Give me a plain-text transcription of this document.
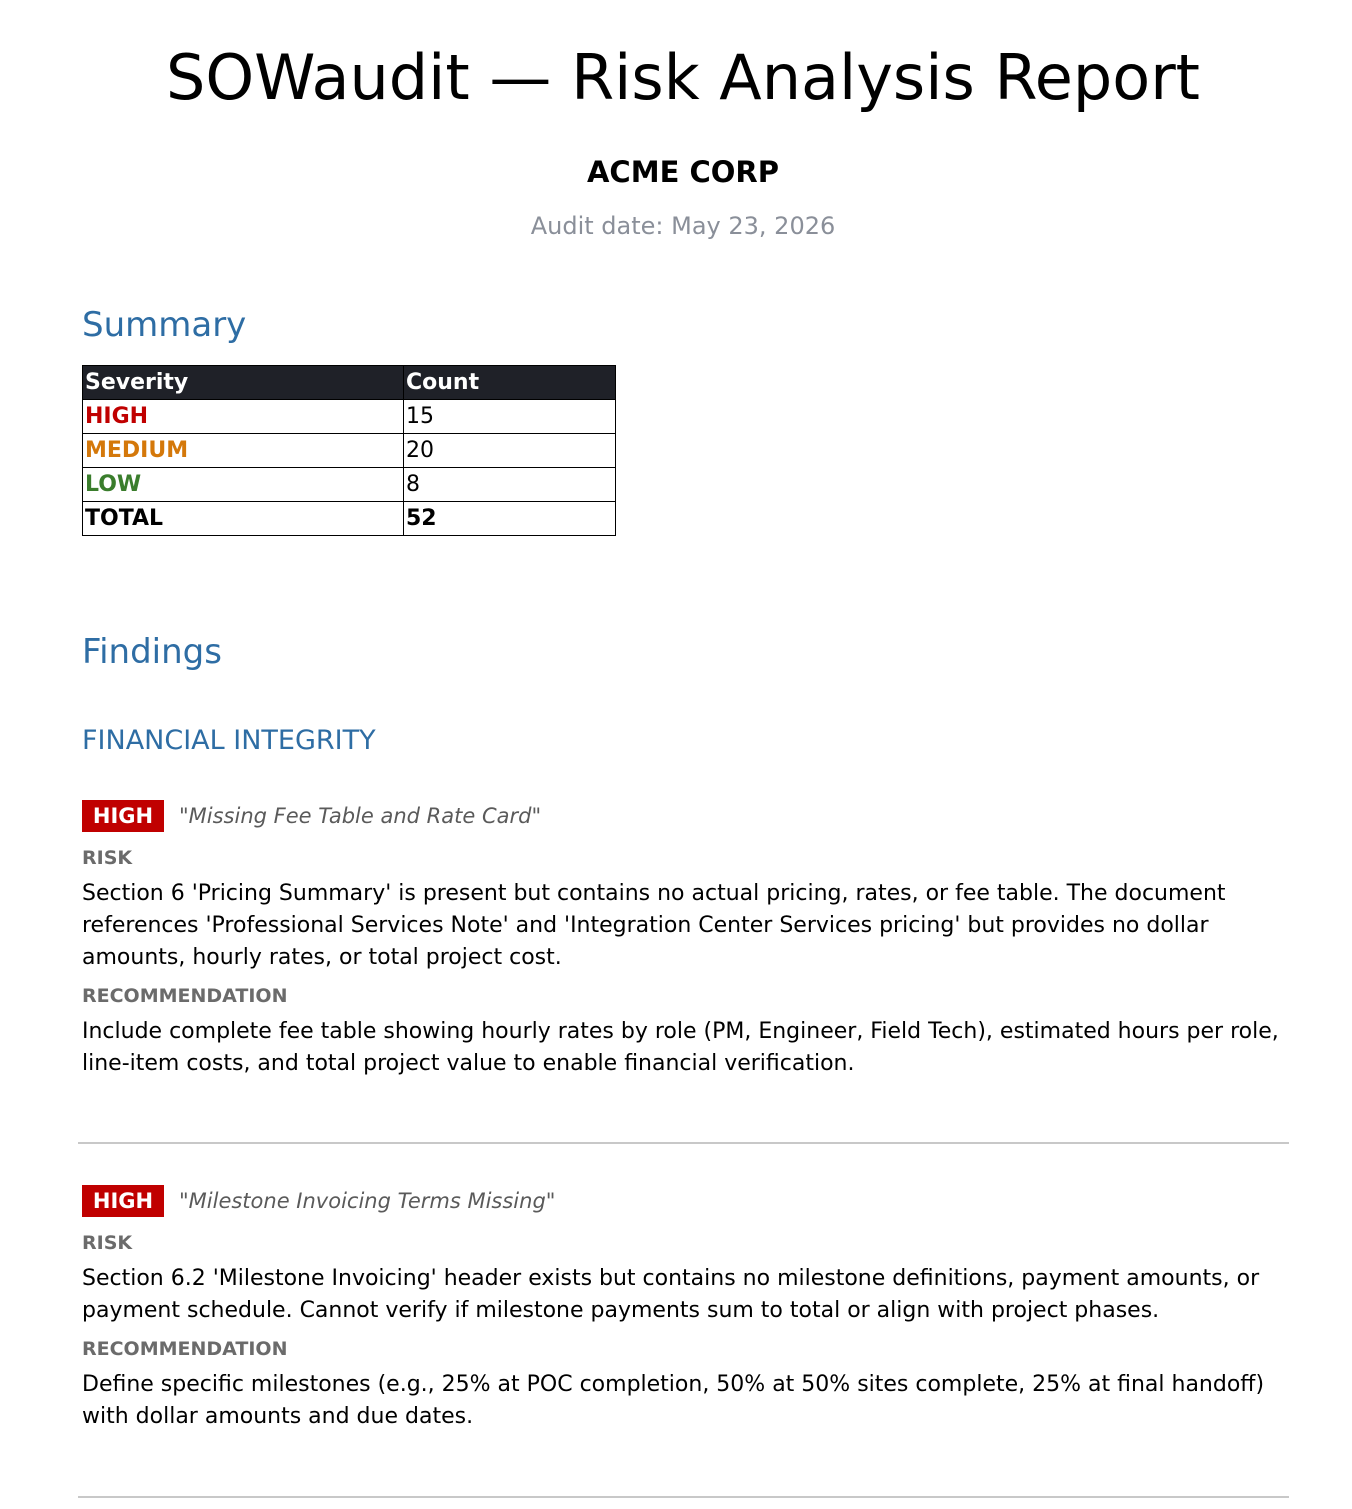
SOWaudit — Risk Analysis Report
ACME CORP
Audit date: May 23, 2026
Summary
Severity	Count
HIGH	15
MEDIUM	20
LOW	8
TOTAL	52
Findings
FINANCIAL INTEGRITY
HIGH	"Missing Fee Table and Rate Card"
RISK
Section 6 'Pricing Summary' is present but contains no actual pricing, rates, or fee table. The document references 'Professional Services Note' and 'Integration Center Services pricing' but provides no dollar amounts, hourly rates, or total project cost.
RECOMMENDATION
Include complete fee table showing hourly rates by role (PM, Engineer, Field Tech), estimated hours per role, line-item costs, and total project value to enable financial verification.
HIGH	"Milestone Invoicing Terms Missing"
RISK
Section 6.2 'Milestone Invoicing' header exists but contains no milestone definitions, payment amounts, or payment schedule. Cannot verify if milestone payments sum to total or align with project phases.
RECOMMENDATION
Define specific milestones (e.g., 25% at POC completion, 50% at 50% sites complete, 25% at final handoff) with dollar amounts and due dates.
